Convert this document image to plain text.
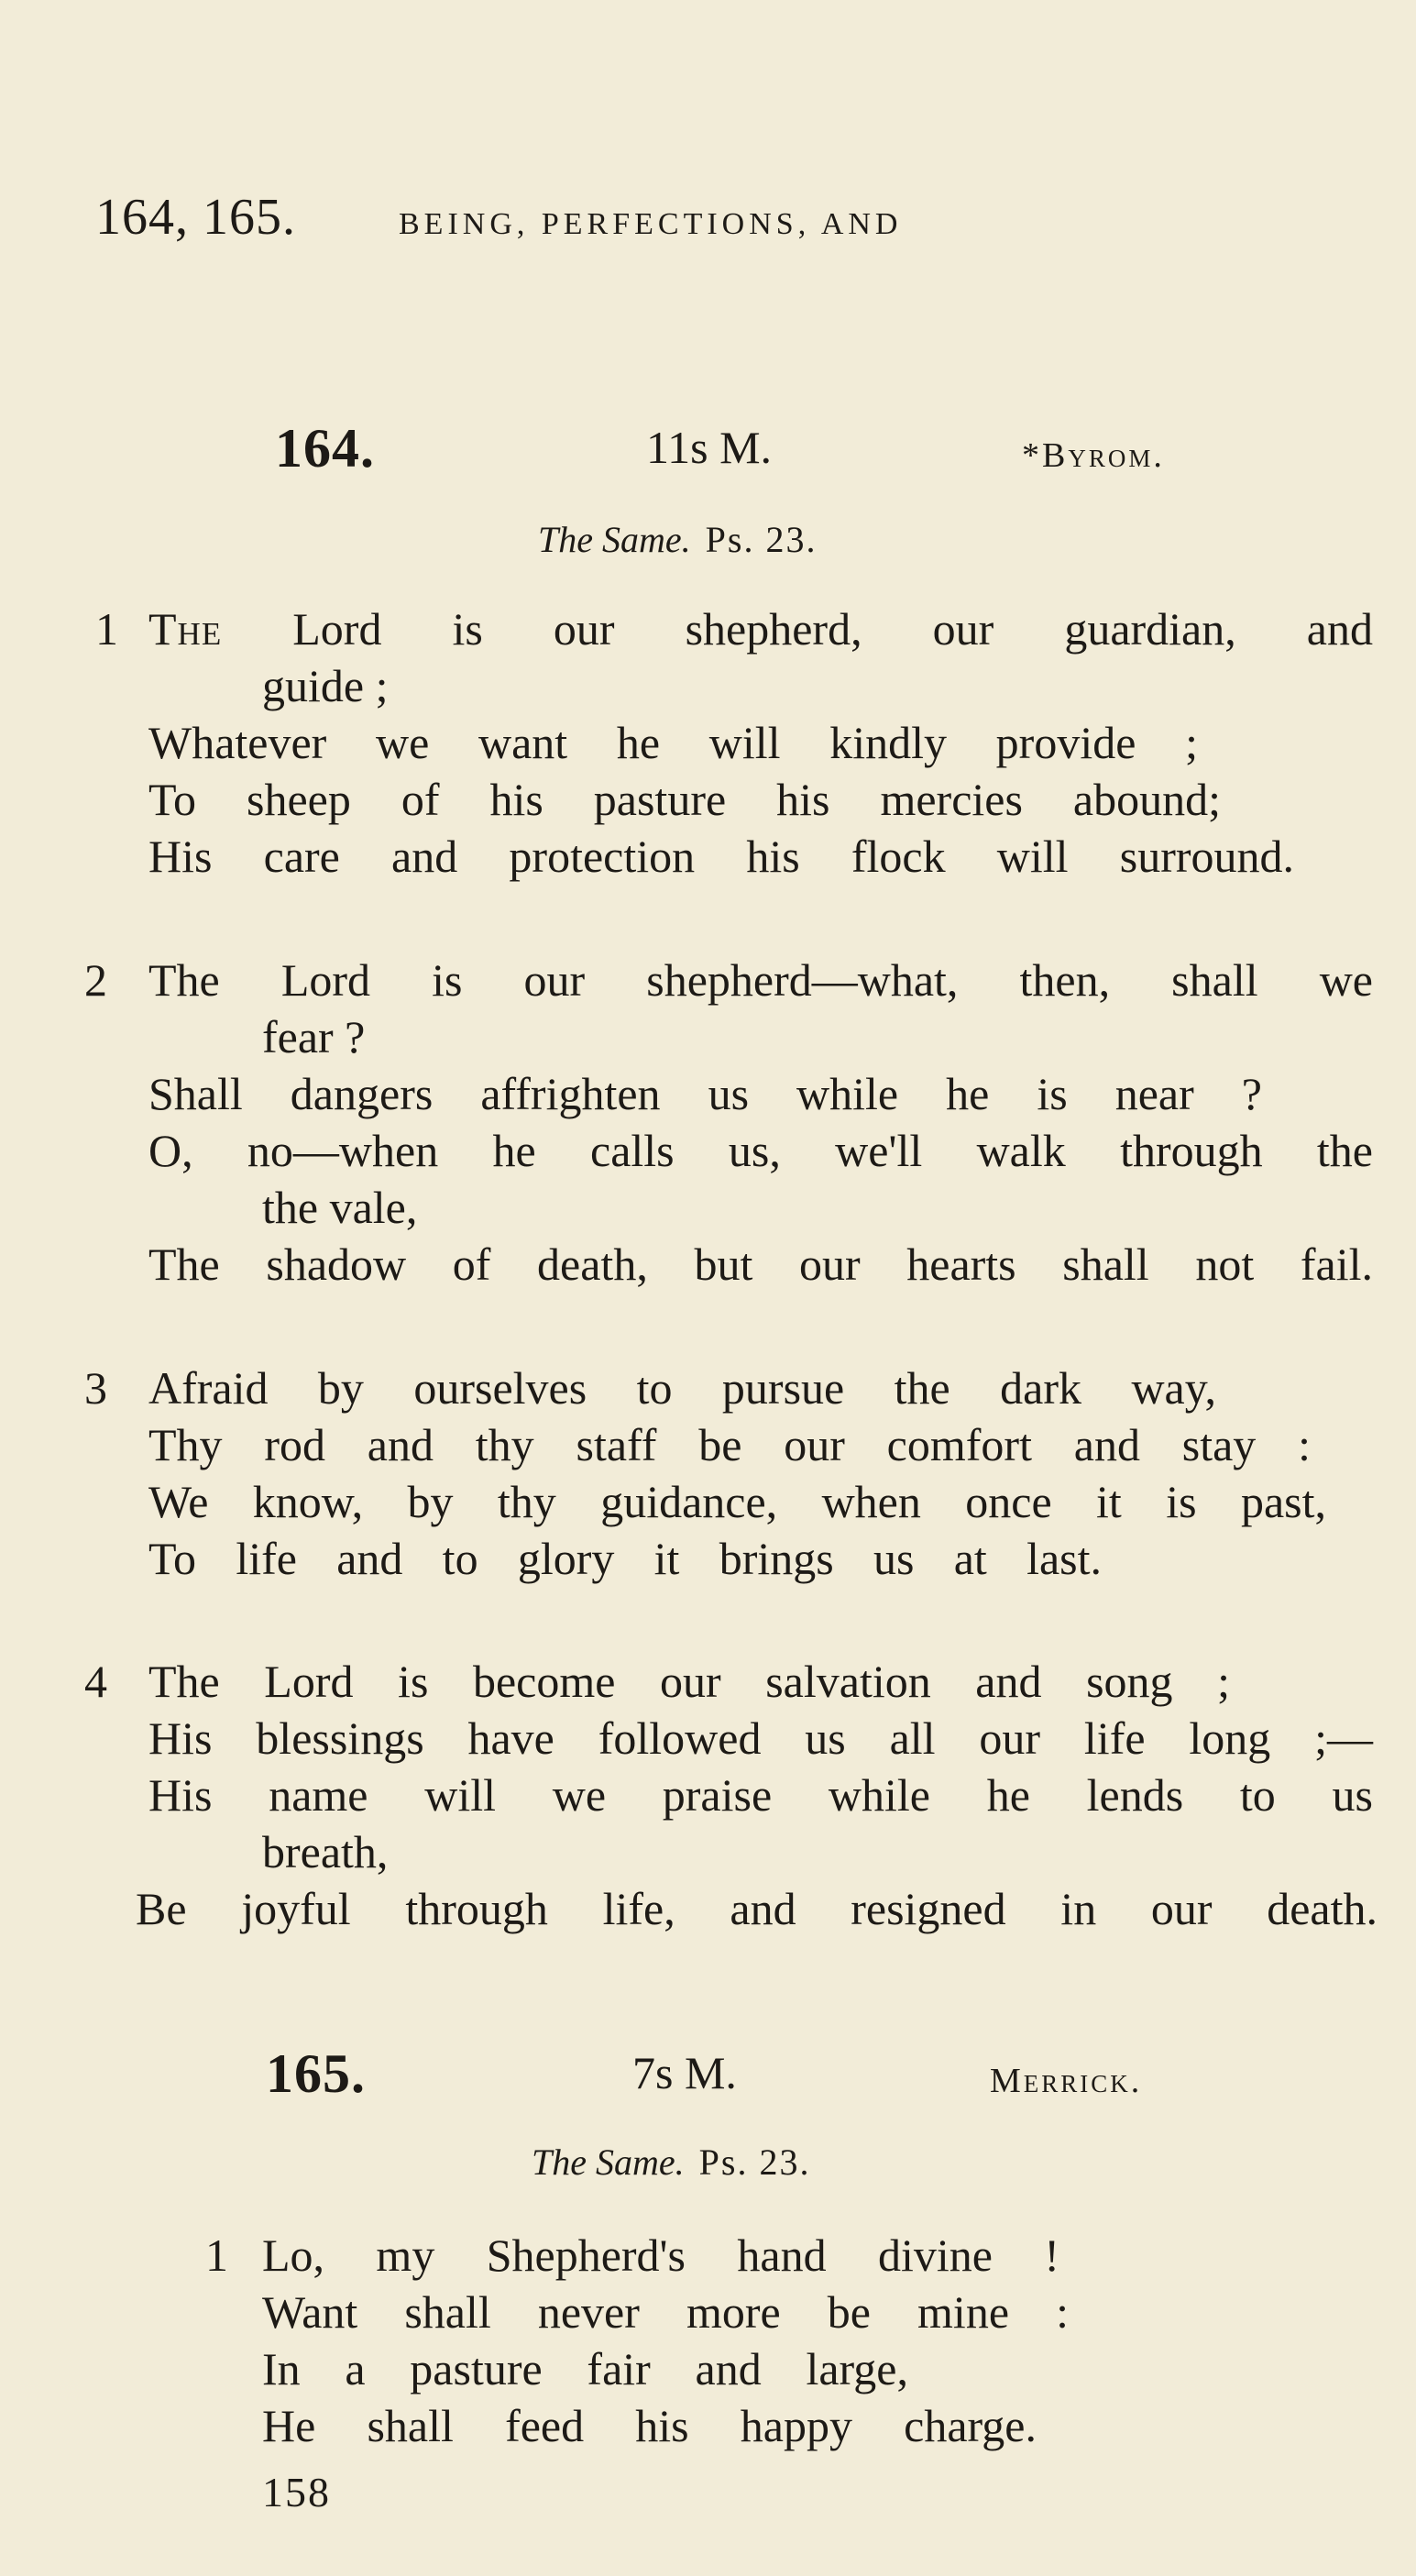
164, 165.	BEING, PERFECTIONS, AND
164.	11s M.	*Byrom.
The Same. Ps. 23.
1 The Lord is our shepherd, our guardian, and
guide ;
Whatever we want he will kindly provide ;
To sheep of his pasture his mercies abound;
His care and protection his flock will surround.
2 The Lord is our shepherd—what, then, shall we
fear ?
Shall dangers affrighten us while he is near ?
O, no—when he calls us, we'll walk through the
the vale,
The shadow of death, but our hearts shall not fail.
3 Afraid by ourselves to pursue the dark way,
Thy rod and thy staff be our comfort and stay :
We know, by thy guidance, when once it is past,
To life and to glory it brings us at last.
4 The Lord is become our salvation and song ;
His blessings have followed us all our life long ;—
His name will we praise while he lends to us
breath,
Be joyful through life, and resigned in our death.
165.	7s M.	Merrick.
The Same. Ps. 23.
1 Lo, my Shepherd's hand divine !
Want shall never more be mine :
In a pasture fair and large,
He shall feed his happy charge.
158
